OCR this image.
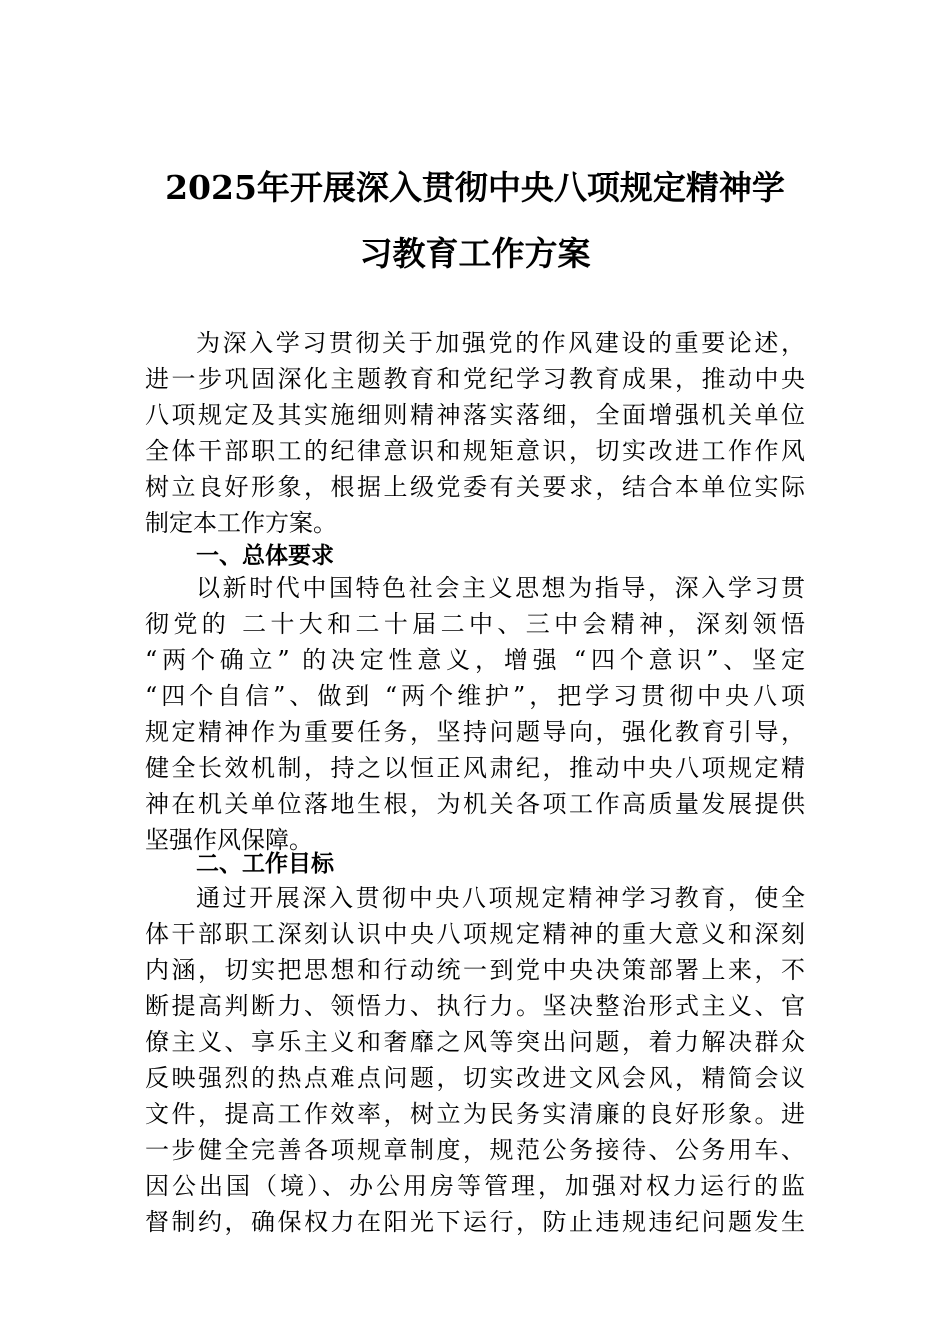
2025年开展深入贯彻中央八项规定精神学
习教育工作方案
为深入学习贯彻关于加强党的作风建设的重要论述，
进一步巩固深化主题教育和党纪学习教育成果，推动中央
八项规定及其实施细则精神落实落细，全面增强机关单位
全体干部职工的纪律意识和规矩意识，切实改进工作作风
树立良好形象，根据上级党委有关要求，结合本单位实际
制定本工作方案。
一、总体要求
以新时代中国特色社会主义思想为指导，深入学习贯
彻党的 二十大和二十届二中、三中会精神，深刻领悟
“两个确立” 的决定性意义，增强 “四个意识”、坚定
“四个自信”、做到 “两个维护”，把学习贯彻中央八项
规定精神作为重要任务，坚持问题导向，强化教育引导，
健全长效机制，持之以恒正风肃纪，推动中央八项规定精
神在机关单位落地生根，为机关各项工作高质量发展提供
坚强作风保障。
二、工作目标
通过开展深入贯彻中央八项规定精神学习教育，使全
体干部职工深刻认识中央八项规定精神的重大意义和深刻
内涵，切实把思想和行动统一到党中央决策部署上来，不
断提高判断力、领悟力、执行力。坚决整治形式主义、官
僚主义、享乐主义和奢靡之风等突出问题，着力解决群众
反映强烈的热点难点问题，切实改进文风会风，精简会议
文件，提高工作效率，树立为民务实清廉的良好形象。进
一步健全完善各项规章制度，规范公务接待、公务用车、
因公出国（境）、办公用房等管理，加强对权力运行的监
督制约，确保权力在阳光下运行，防止违规违纪问题发生
